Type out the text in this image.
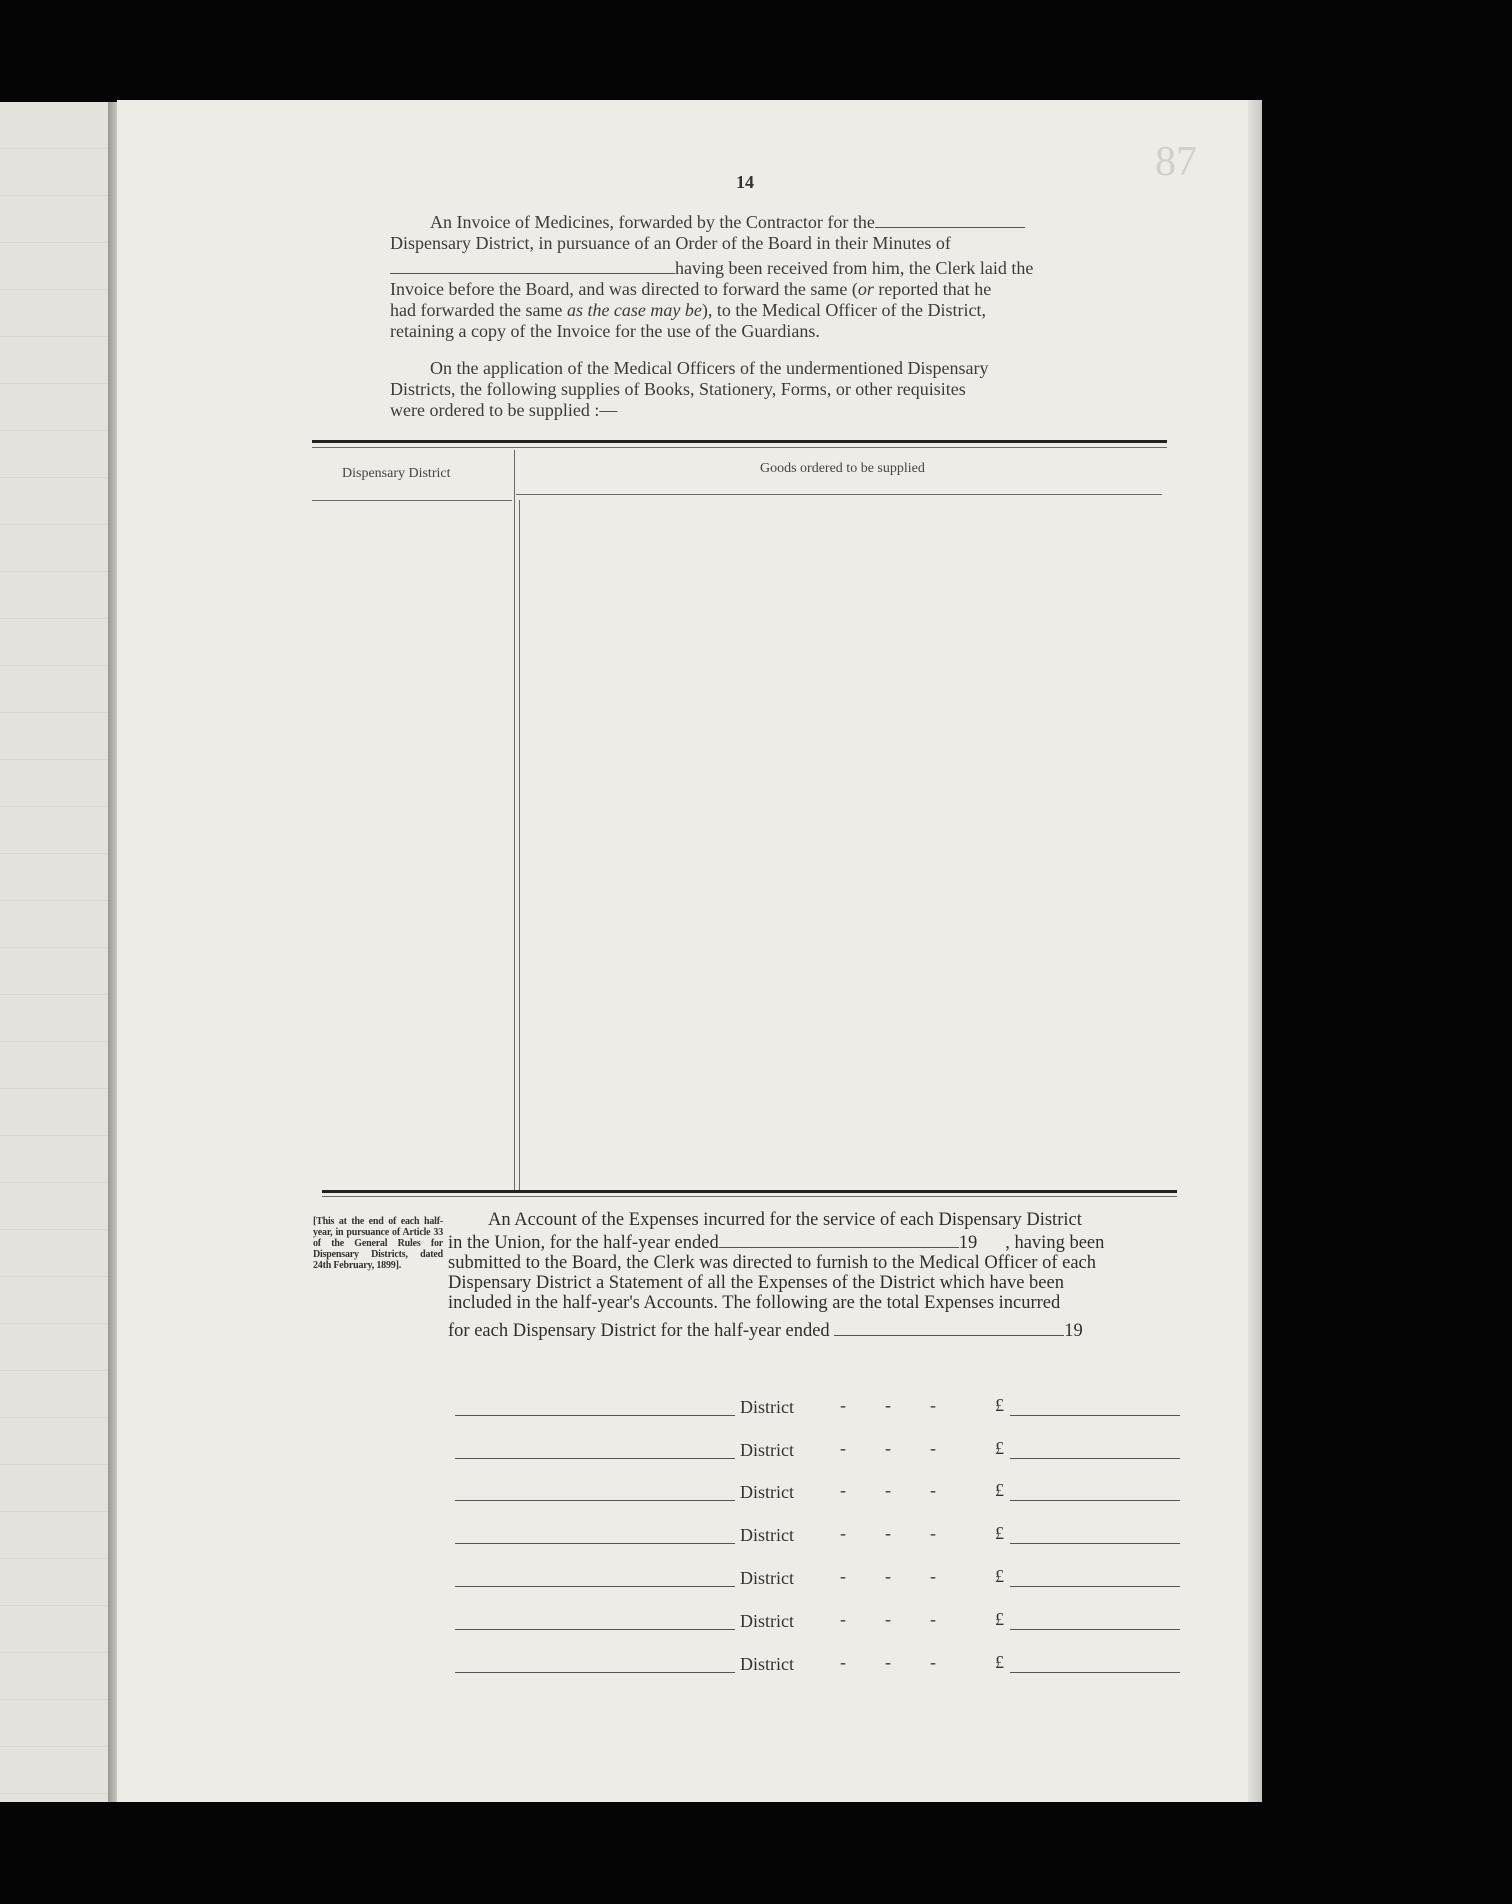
14	87

An Invoice of Medicines, forwarded by the Contractor for the

Dispensary District, in pursuance of an Order of the Board in their Minutes of

having been received from him, the Clerk laid the

Invoice before the Board, and was directed to forward the same (or reported that he

had forwarded the same as the case may be), to the Medical Officer of the District,

retaining a copy of the Invoice for the use of the Guardians.

On the application of the Medical Officers of the undermentioned Dispensary

Districts, the following supplies of Books, Stationery, Forms, or other requisites

were ordered to be supplied :—

Dispensary District	Goods ordered to be supplied
[This at the end of each half-year, in pursuance of Article 33 of the General Rules for Dispensary Districts, dated 24th February, 1899].

An Account of the Expenses incurred for the service of each Dispensary District

in the Union, for the half-year ended	19 , having been

submitted to the Board, the Clerk was directed to furnish to the Medical Officer of each

Dispensary District a Statement of all the Expenses of the District which have been

included in the half-year's Accounts. The following are the total Expenses incurred

for each Dispensary District for the half-year ended	19

District	- - -	£
District	- - -	£
District	- - -	£
District	- - -	£
District	- - -	£
District	- - -	£
District	- - -	£
